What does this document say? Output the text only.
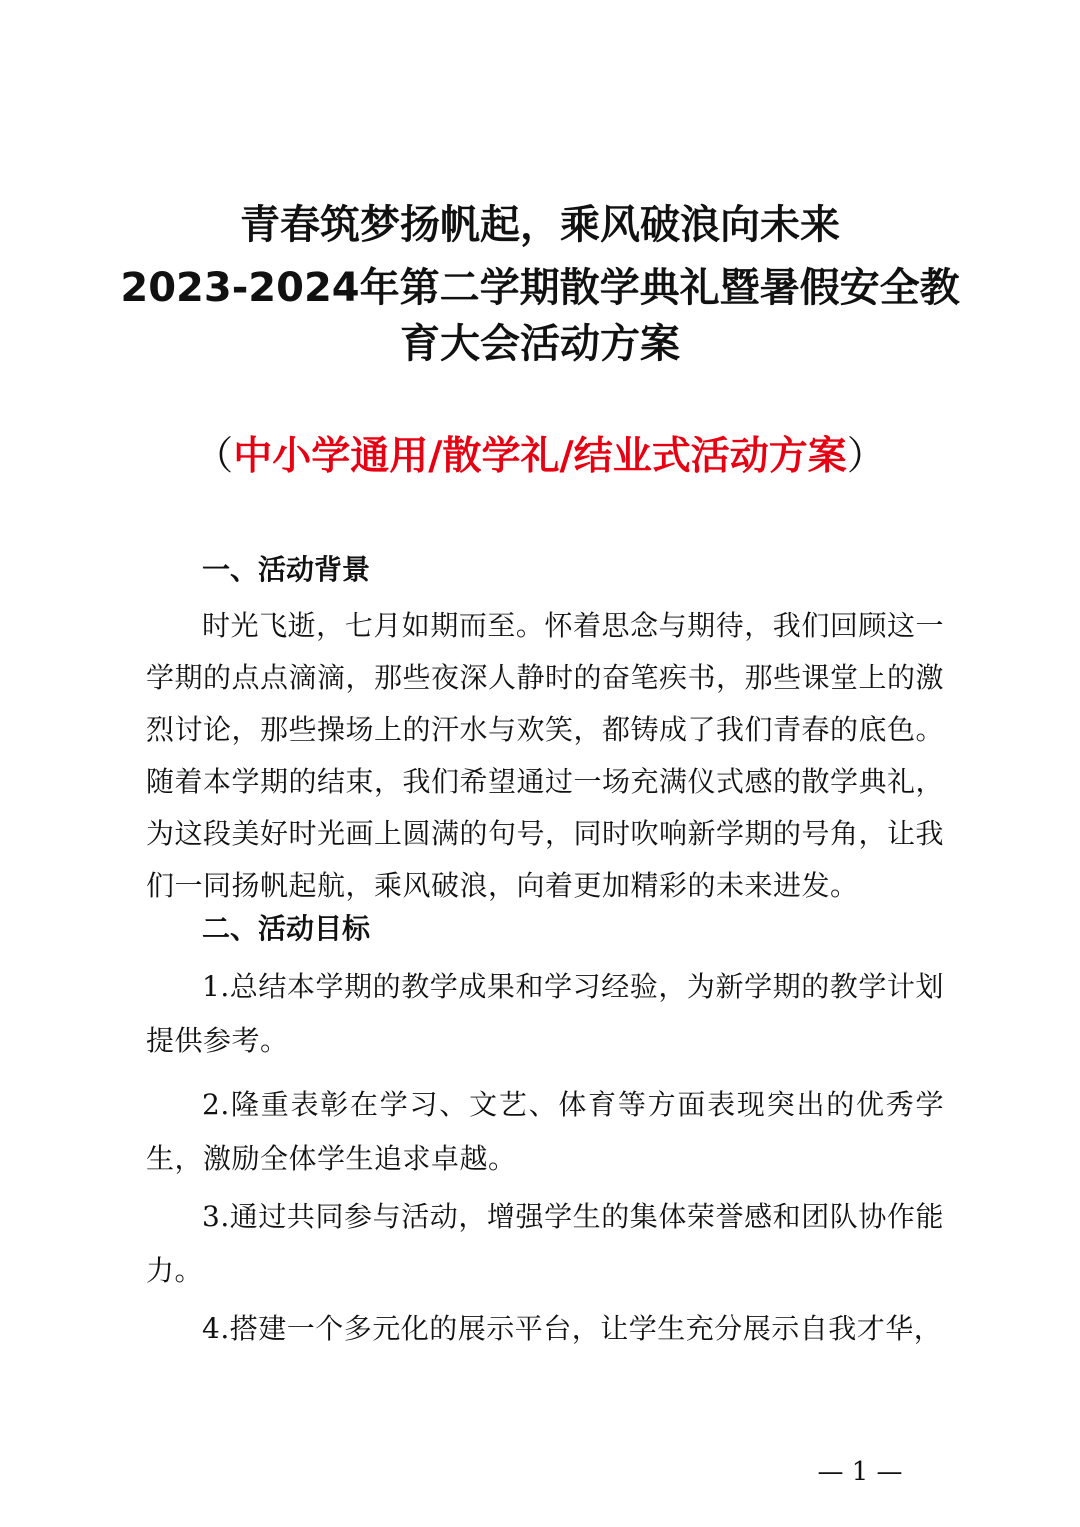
青春筑梦扬帆起，乘风破浪向未来
2023-2024年第二学期散学典礼暨暑假安全教
育大会活动方案
（中小学通用/散学礼/结业式活动方案）
一、活动背景
时光飞逝，七月如期而至。怀着思念与期待，我们回顾这一学期的点点滴滴，那些夜深人静时的奋笔疾书，那些课堂上的激烈讨论，那些操场上的汗水与欢笑，都铸成了我们青春的底色。随着本学期的结束，我们希望通过一场充满仪式感的散学典礼，为这段美好时光画上圆满的句号，同时吹响新学期的号角，让我们一同扬帆起航，乘风破浪，向着更加精彩的未来进发。
二、活动目标
1.总结本学期的教学成果和学习经验，为新学期的教学计划提供参考。
2.隆重表彰在学习、文艺、体育等方面表现突出的优秀学生，激励全体学生追求卓越。
3.通过共同参与活动，增强学生的集体荣誉感和团队协作能力。
4.搭建一个多元化的展示平台，让学生充分展示自我才华，
— 1 —
